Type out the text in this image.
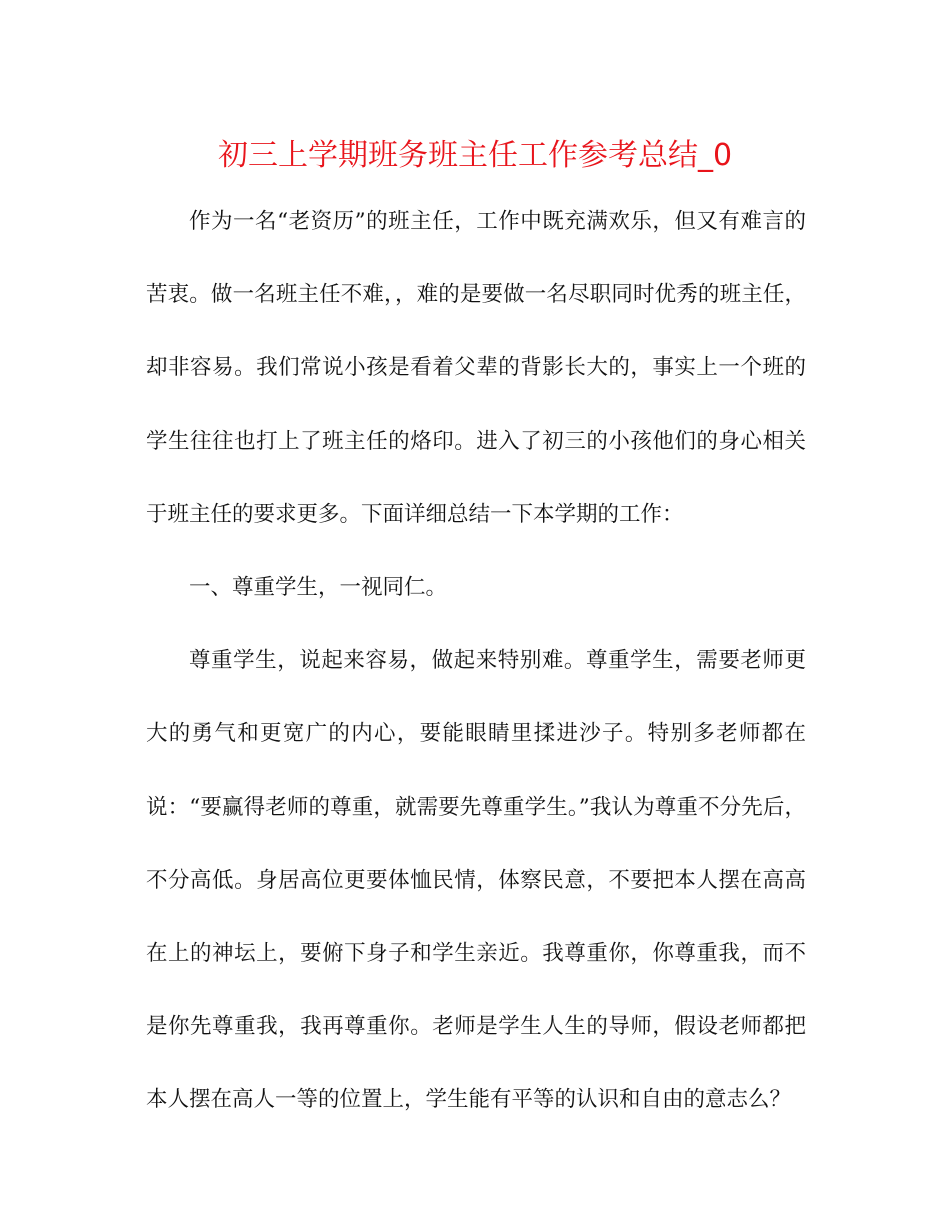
初三上学期班务班主任工作参考总结_0

作为一名“老资历”的班主任，工作中既充满欢乐，但又有难言的苦衷。做一名班主任不难，，难的是要做一名尽职同时优秀的班主任，却非容易。我们常说小孩是看着父辈的背影长大的，事实上一个班的学生往往也打上了班主任的烙印。进入了初三的小孩他们的身心相关于班主任的要求更多。下面详细总结一下本学期的工作：

一、尊重学生，一视同仁。

尊重学生，说起来容易，做起来特别难。尊重学生，需要老师更大的勇气和更宽广的内心，要能眼睛里揉进沙子。特别多老师都在说：“要赢得老师的尊重，就需要先尊重学生。”我认为尊重不分先后，不分高低。身居高位更要体恤民情，体察民意，不要把本人摆在高高在上的神坛上，要俯下身子和学生亲近。我尊重你，你尊重我，而不是你先尊重我，我再尊重你。老师是学生人生的导师，假设老师都把本人摆在高人一等的位置上，学生能有平等的认识和自由的意志么？
